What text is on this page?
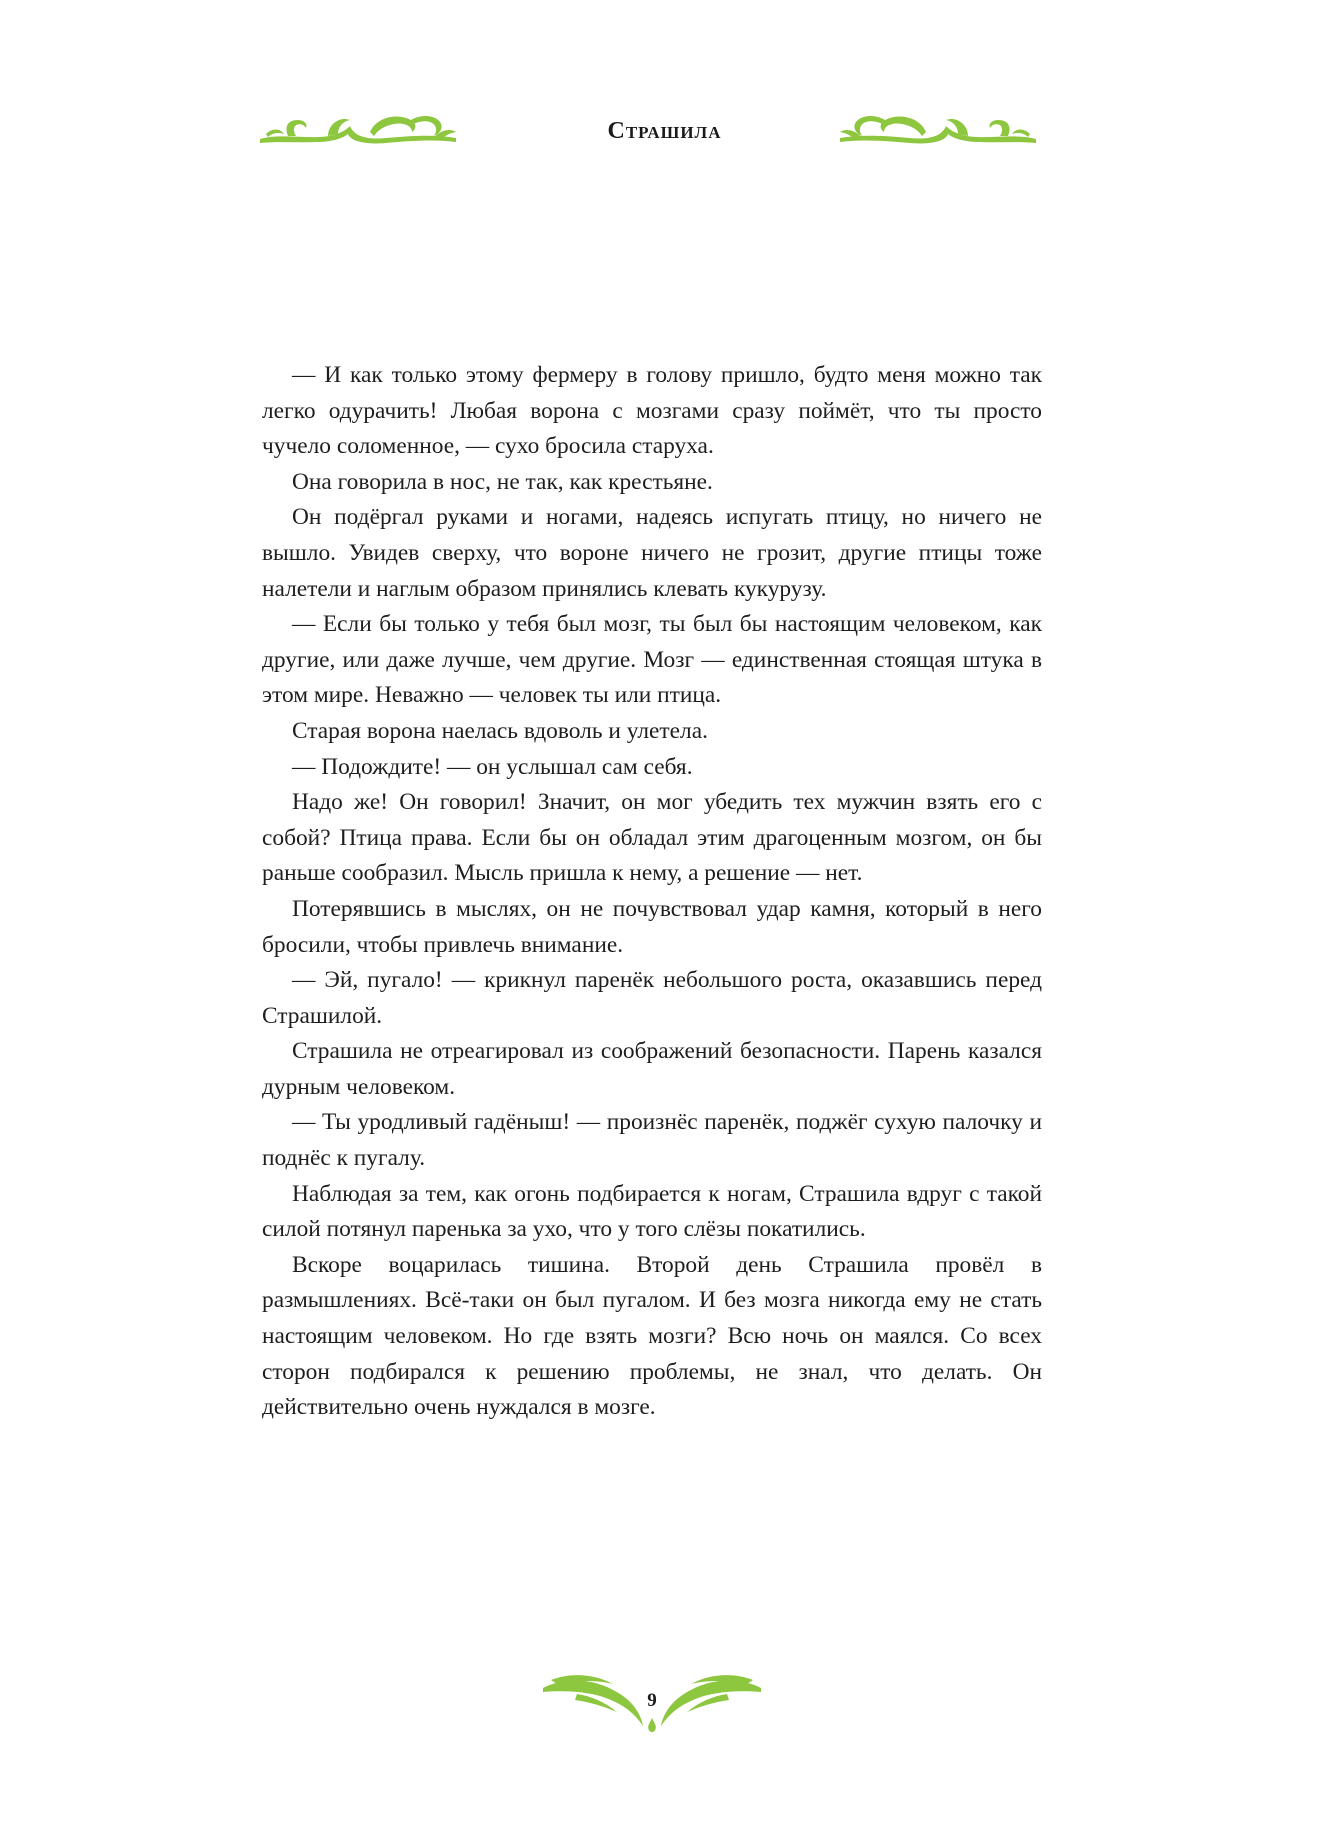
Страшила

— И как только этому фермеру в голову пришло, будто меня можно так легко одурачить! Любая ворона с мозгами сразу поймёт, что ты просто чучело соломенное, — сухо бросила старуха.

Она говорила в нос, не так, как крестьяне.

Он подёргал руками и ногами, надеясь испугать птицу, но ничего не вышло. Увидев сверху, что вороне ничего не грозит, другие птицы тоже налетели и наглым образом принялись клевать кукурузу.

— Если бы только у тебя был мозг, ты был бы настоящим человеком, как другие, или даже лучше, чем другие. Мозг — единственная стоящая штука в этом мире. Неважно — человек ты или птица.

Старая ворона наелась вдоволь и улетела.

— Подождите! — он услышал сам себя.

Надо же! Он говорил! Значит, он мог убедить тех мужчин взять его с собой? Птица права. Если бы он обладал этим драгоценным мозгом, он бы раньше сообразил. Мысль пришла к нему, а решение — нет.

Потерявшись в мыслях, он не почувствовал удар камня, который в него бросили, чтобы привлечь внимание.

— Эй, пугало! — крикнул паренёк небольшого роста, оказавшись перед Страшилой.

Страшила не отреагировал из соображений безопасности. Парень казался дурным человеком.

— Ты уродливый гадёныш! — произнёс паренёк, поджёг сухую палочку и поднёс к пугалу.

Наблюдая за тем, как огонь подбирается к ногам, Страшила вдруг с такой силой потянул паренька за ухо, что у того слёзы покатились.

Вскоре воцарилась тишина. Второй день Страшила провёл в размышлениях. Всё-таки он был пугалом. И без мозга никогда ему не стать настоящим человеком. Но где взять мозги? Всю ночь он маялся. Со всех сторон подбирался к решению проблемы, не знал, что делать. Он действительно очень нуждался в мозге.

9
